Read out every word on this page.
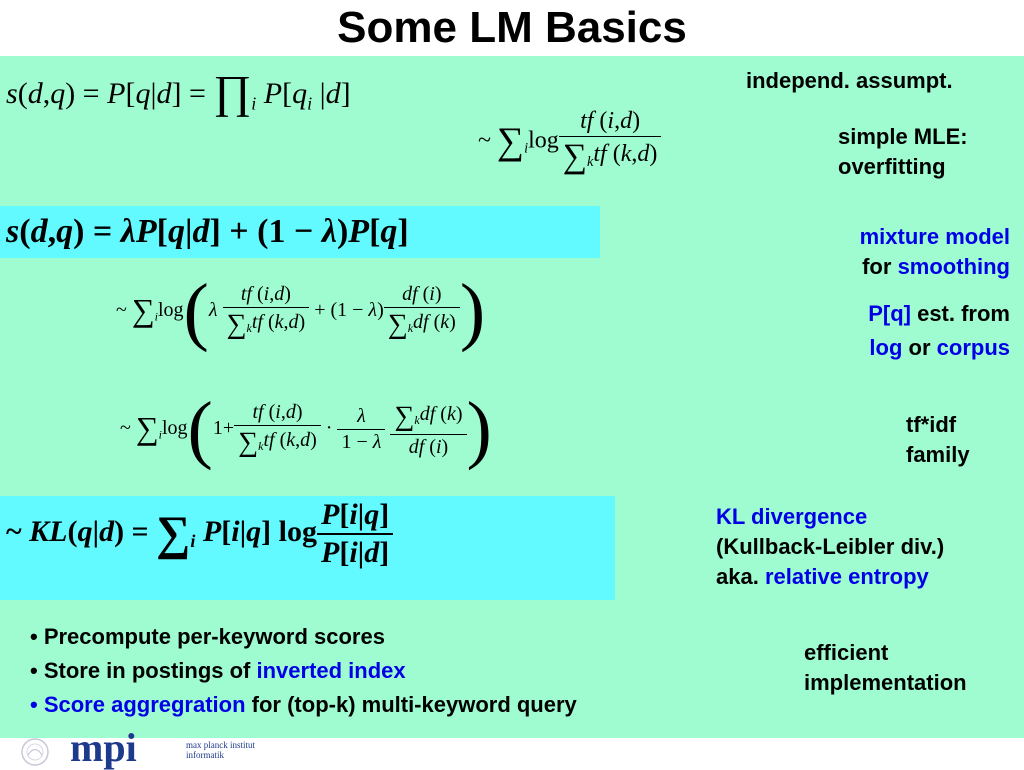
Some LM Basics
$s(d,q) = P[q|d] = \prod_i$ $P[q_i$ |d]
~ $\sum_i\log \frac{tf (i,d)}{\sum_ktf (k,d)}$
s(d,q) = λP[q|d] + (1 − λ)P[q]
~ $\sum_i\log(\lambda \frac{tf (i,d)}{\sum_ktf (k,d)} + (1 - \lambda) \frac{df (i)}{\sum_kdf (k)}$ )
~ $\sum_i\log(1+ \frac{tf (i,d)}{\sum_ktf (k,d)} \cdot \frac{\lambda}{1 - \lambda}$
$\frac{\sum_kdf (k)}{df (i)}$ )
~ $KL(q|d) = \sum_i$ P[i|q] $\log \frac{P[i|q]}{P[i|d]}$
independ. assumpt.
simple MLE:
overfitting
mixture model
for smoothing
P[q] est. from
log or corpus
tf*idf
family
KL divergence
(Kullback-Leibler div.)
aka. relative entropy
efficient
implementation
• Precompute per-keyword scores
• Store in postings of inverted index
• Score aggregration for (top-k) multi-keyword query
mpi	max planck institut
informatik
